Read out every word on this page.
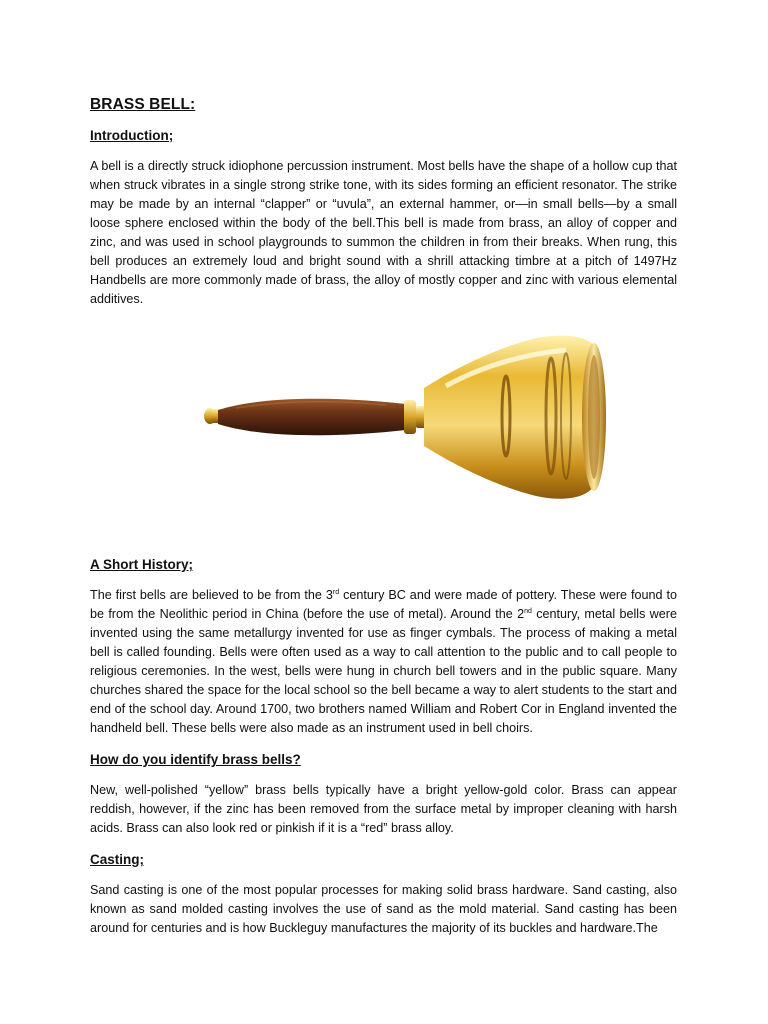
BRASS BELL:
Introduction;

A bell is a directly struck idiophone percussion instrument. Most bells have the shape of a hollow cup that when struck vibrates in a single strong strike tone, with its sides forming an efficient resonator. The strike may be made by an internal “clapper” or “uvula”, an external hammer, or—in small bells—by a small loose sphere enclosed within the body of the bell.This bell is made from brass, an alloy of copper and zinc, and was used in school playgrounds to summon the children in from their breaks. When rung, this bell produces an extremely loud and bright sound with a shrill attacking timbre at a pitch of 1497Hz Handbells are more commonly made of brass, the alloy of mostly copper and zinc with various elemental additives.

A Short History;

The first bells are believed to be from the 3rd century BC and were made of pottery. These were found to be from the Neolithic period in China (before the use of metal). Around the 2nd century, metal bells were invented using the same metallurgy invented for use as finger cymbals. The process of making a metal bell is called founding. Bells were often used as a way to call attention to the public and to call people to religious ceremonies. In the west, bells were hung in church bell towers and in the public square. Many churches shared the space for the local school so the bell became a way to alert students to the start and end of the school day. Around 1700, two brothers named William and Robert Cor in England invented the handheld bell. These bells were also made as an instrument used in bell choirs.

How do you identify brass bells?

New, well-polished “yellow” brass bells typically have a bright yellow-gold color. Brass can appear reddish, however, if the zinc has been removed from the surface metal by improper cleaning with harsh acids. Brass can also look red or pinkish if it is a “red” brass alloy.

Casting;

Sand casting is one of the most popular processes for making solid brass hardware. Sand casting, also known as sand molded casting involves the use of sand as the mold material. Sand casting has been around for centuries and is how Buckleguy manufactures the majority of its buckles and hardware.The
